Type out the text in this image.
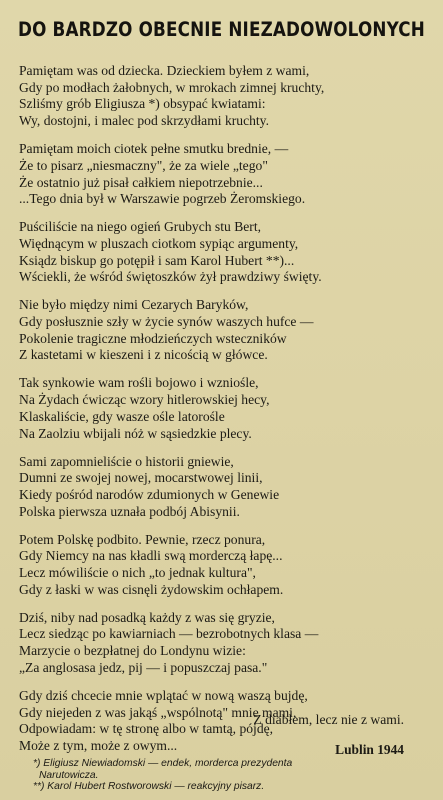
DO BARDZO OBECNIE NIEZADOWOLONYCH
Pamiętam was od dziecka. Dzieckiem byłem z wami,
Gdy po modłach żałobnych, w mrokach zimnej kruchty,
Szliśmy grób Eligiusza *) obsypać kwiatami:
Wy, dostojni, i malec pod skrzydłami kruchty.
Pamiętam moich ciotek pełne smutku brednie, —
Że to pisarz „niesmaczny", że za wiele „tego"
Że ostatnio już pisał całkiem niepotrzebnie...
...Tego dnia był w Warszawie pogrzeb Żeromskiego.
Puściliście na niego ogień Grubych stu Bert,
Więdnącym w pluszach ciotkom sypiąc argumenty,
Ksiądz biskup go potępił i sam Karol Hubert **)...
Wściekli, że wśród świętoszków żył prawdziwy święty.
Nie było między nimi Cezarych Baryków,
Gdy posłusznie szły w życie synów waszych hufce —
Pokolenie tragiczne młodzieńczych wsteczników
Z kastetami w kieszeni i z nicością w główce.
Tak synkowie wam rośli bojowo i wzniośle,
Na Żydach ćwicząc wzory hitlerowskiej hecy,
Klaskaliście, gdy wasze ośle latorośle
Na Zaolziu wbijali nóż w sąsiedzkie plecy.
Sami zapomnieliście o historii gniewie,
Dumni ze swojej nowej, mocarstwowej linii,
Kiedy pośród narodów zdumionych w Genewie
Polska pierwsza uznała podbój Abisynii.
Potem Polskę podbito. Pewnie, rzecz ponura,
Gdy Niemcy na nas kładli swą morderczą łapę...
Lecz mówiliście o nich „to jednak kultura",
Gdy z łaski w was cisnęli żydowskim ochłapem.
Dziś, niby nad posadką każdy z was się gryzie,
Lecz siedząc po kawiarniach — bezrobotnych klasa —
Marzycie o bezpłatnej do Londynu wizie:
„Za anglosasa jedz, pij — i popuszczaj pasa."
Gdy dziś chcecie mnie wplątać w nową waszą bujdę,
Gdy niejeden z was jakąś „wspólnotą" mnie mami,
Odpowiadam: w tę stronę albo w tamtą, pójdę,
Może z tym, może z owym...
Z diabłem, lecz nie z wami.
Lublin 1944
*) Eligiusz Niewiadomski — endek, morderca prezydenta
Narutowicza.
**) Karol Hubert Rostworowski — reakcyjny pisarz.
